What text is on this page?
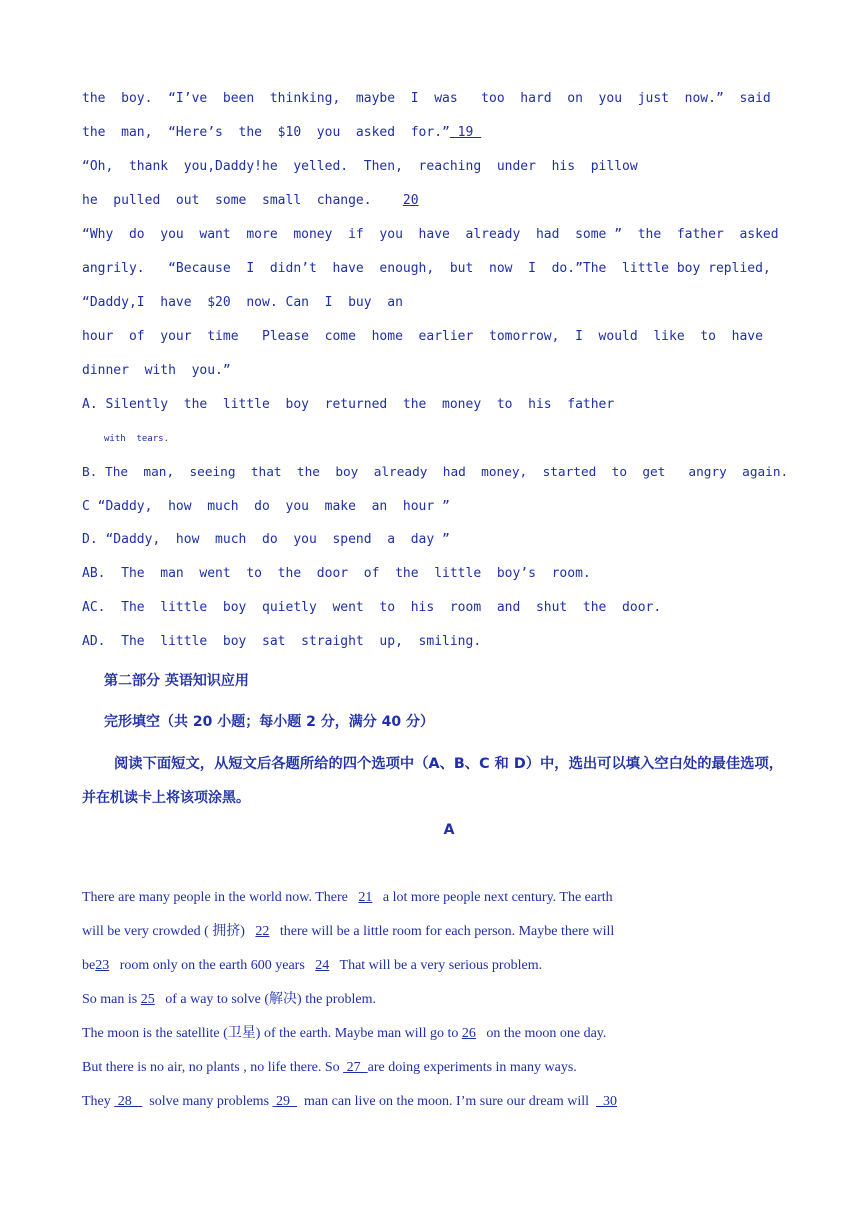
the  boy.  “I’ve  been  thinking,  maybe  I  was   too  hard  on  you  just  now.”  said
the  man,  “Here’s  the  $10  you  asked  for.” 19
“Oh,  thank  you,Daddy!he  yelled.  Then,  reaching  under  his  pillow
he  pulled  out  some  small  change.    20
“Why  do  you  want  more  money  if  you  have  already  had  some ”  the  father  asked
angrily.   “Because  I  didn’t  have  enough,  but  now  I  do.”The  little boy replied,
“Daddy,I  have  $20  now. Can  I  buy  an
hour  of  your  time   Please  come  home  earlier  tomorrow,  I  would  like  to  have
dinner  with  you.”
A. Silently  the  little  boy  returned  the  money  to  his  father
with  tears.
B. The  man,  seeing  that  the  boy  already  had  money,  started  to  get   angry  again.
C “Daddy,  how  much  do  you  make  an  hour ”
D. “Daddy,  how  much  do  you  spend  a  day ”
AB.  The  man  went  to  the  door  of  the  little  boy’s  room.
AC.  The  little  boy  quietly  went  to  his  room  and  shut  the  door.
AD.  The  little  boy  sat  straight  up,  smiling.
第二部分 英语知识应用
完形填空（共 20 小题；每小题 2 分，满分 40 分）
阅读下面短文，从短文后各题所给的四个选项中（A、B、C 和 D）中，选出可以填入空白处的最佳选项，
并在机读卡上将该项涂黑。
A
There are many people in the world now. There   21   a lot more people next century. The earth
will be very crowded ( 拥挤)   22   there will be a little room for each person. Maybe there will
be23   room only on the earth 600 years   24   That will be a very serious problem.
So man is 25   of a way to solve (解决) the problem.
The moon is the satellite (卫星) of the earth. Maybe man will go to 26   on the moon one day.
But there is no air, no plants , no life there. So  27  are doing experiments in many ways.
They  28     solve many problems  29    man can live on the moon. I’m sure our dream will    30
